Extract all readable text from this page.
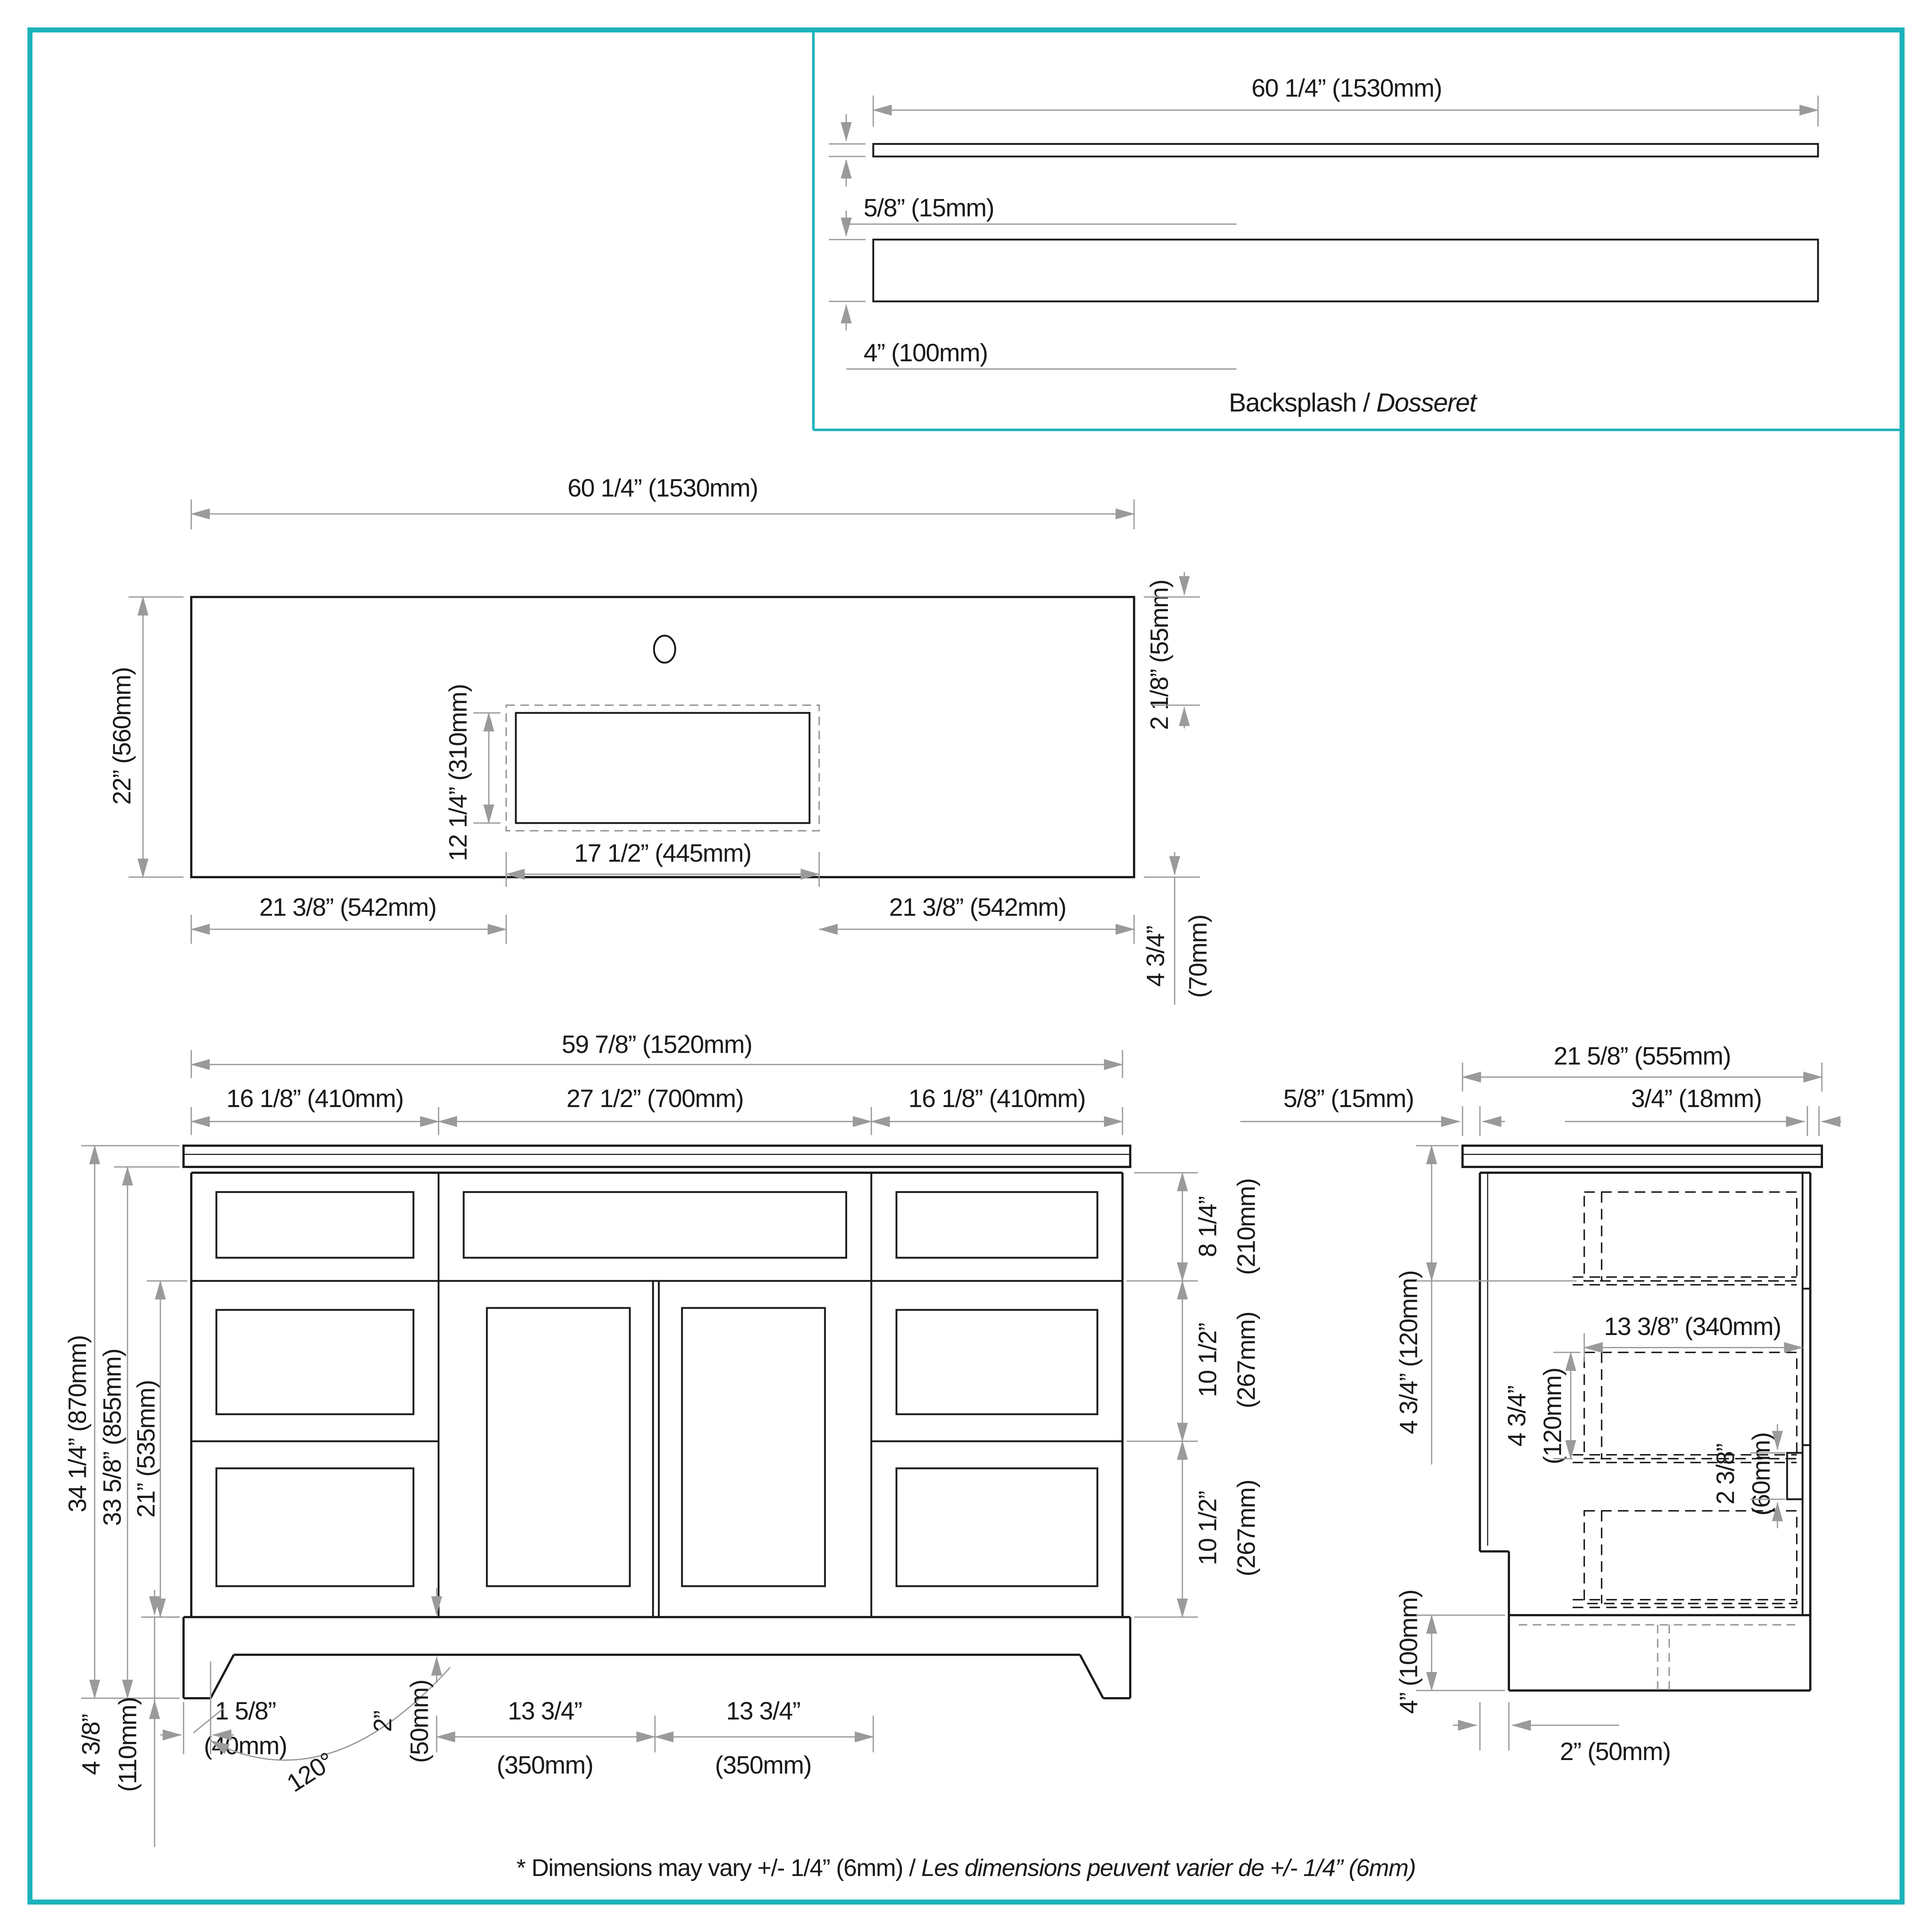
60 1/4” (1530mm)
5/8” (15mm)
4” (100mm)
Backsplash / Dosseret
60 1/4” (1530mm)
22” (560mm)	12 1/4” (310mm)	17 1/2” (445mm)
21 3/8” (542mm)	21 3/8” (542mm)
2 1/8” (55mm)
4 3/4”	(70mm)
59 7/8” (1520mm)
16 1/8” (410mm)	27 1/2” (700mm)	16 1/8” (410mm)
34 1/4” (870mm) 33 5/8” (855mm) 21” (535mm)
8 1/4” (210mm)
10 1/2” (267mm)
10 1/2” (267mm)
4 3/8” (110mm)	1 5/8”
(40mm)
120°
2” (50mm)	13 3/4”
(350mm)
13 3/4”
(350mm)
21 5/8” (555mm)
5/8” (15mm)	3/4” (18mm)
4 3/4” (120mm)	13 3/8” (340mm)
4 3/4” (120mm)
2 3/8” (60mm)
4” (100mm)
2” (50mm)
* Dimensions may vary +/- 1/4” (6mm) / Les dimensions peuvent varier de +/- 1/4” (6mm)
